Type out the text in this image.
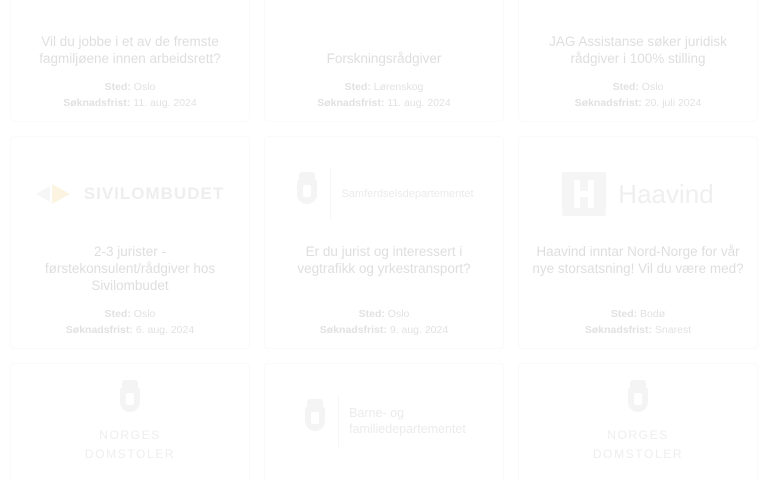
Vil du jobbe i et av de fremste fagmiljøene innen arbeidsrett?
Sted: Oslo
Søknadsfrist: 11. aug. 2024
Forskningsrådgiver
Sted: Lørenskog
Søknadsfrist: 11. aug. 2024
JAG Assistanse søker juridisk rådgiver i 100% stilling
Sted: Oslo
Søknadsfrist: 20. juli 2024
SIVILOMBUDET
2-3 jurister - førstekonsulent/rådgiver hos Sivilombudet
Sted: Oslo
Søknadsfrist: 6. aug. 2024
Samferdselsdepartementet
Er du jurist og interessert i vegtrafikk og yrkestransport?
Sted: Oslo
Søknadsfrist: 9. aug. 2024
Haavind
Haavind inntar Nord-Norge for vår nye storsatsning! Vil du være med?
Sted: Bodø
Søknadsfrist: Snarest
NORGES
DOMSTOLER
Barne- og
familiedepartementet	NORGES
DOMSTOLER
